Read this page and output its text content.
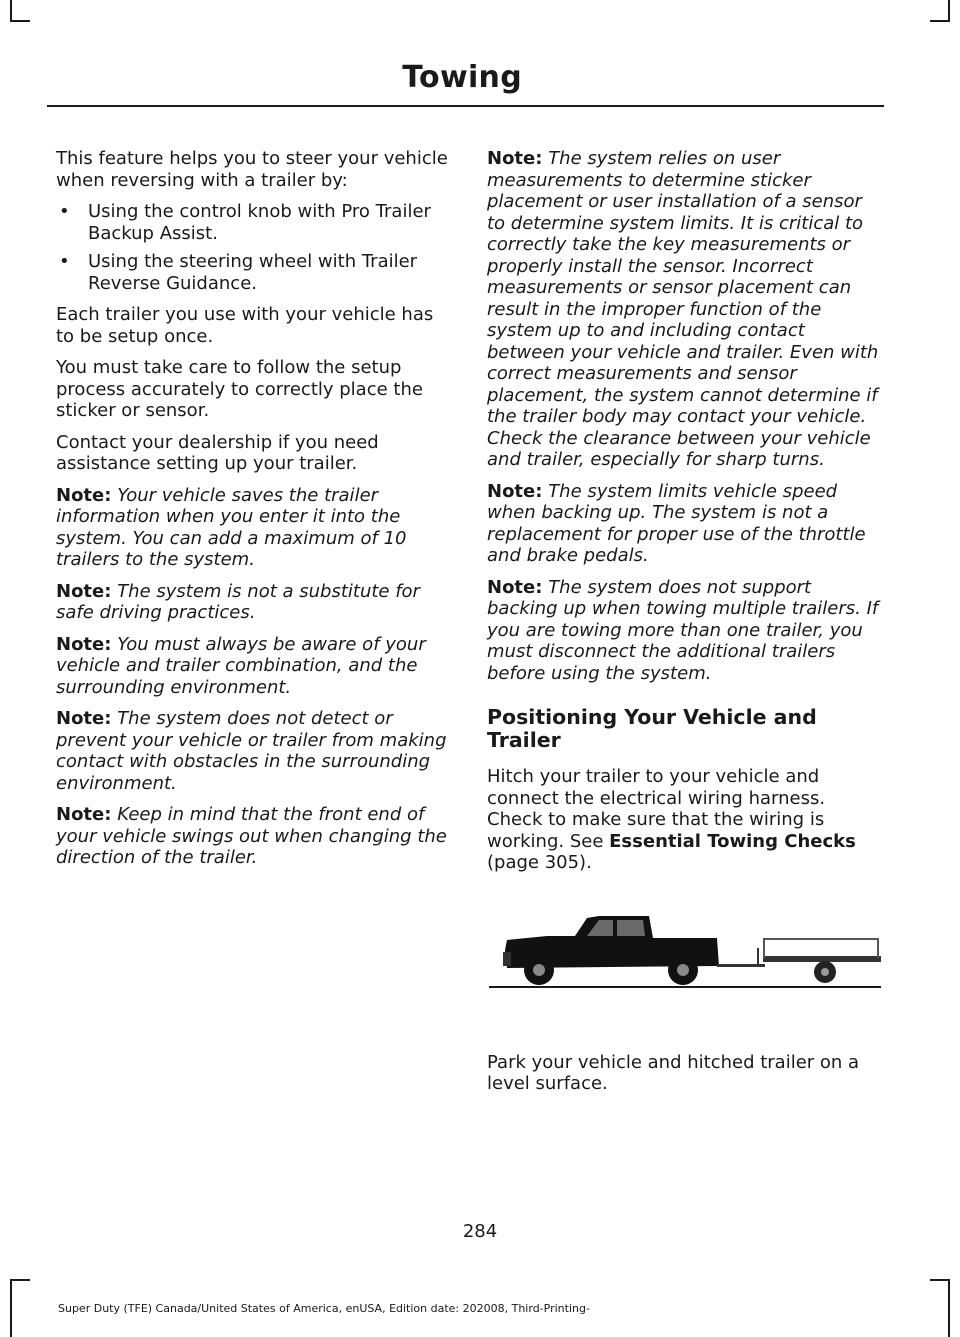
Towing

This feature helps you to steer your vehicle when reversing with a trailer by:

• Using the control knob with Pro Trailer Backup Assist.
• Using the steering wheel with Trailer Reverse Guidance.

Each trailer you use with your vehicle has to be setup once.

You must take care to follow the setup process accurately to correctly place the sticker or sensor.

Contact your dealership if you need assistance setting up your trailer.

Note: Your vehicle saves the trailer information when you enter it into the system. You can add a maximum of 10 trailers to the system.

Note: The system is not a substitute for safe driving practices.

Note: You must always be aware of your vehicle and trailer combination, and the surrounding environment.

Note: The system does not detect or prevent your vehicle or trailer from making contact with obstacles in the surrounding environment.

Note: Keep in mind that the front end of your vehicle swings out when changing the direction of the trailer.

Note: The system relies on user measurements to determine sticker placement or user installation of a sensor to determine system limits. It is critical to correctly take the key measurements or properly install the sensor. Incorrect measurements or sensor placement can result in the improper function of the system up to and including contact between your vehicle and trailer. Even with correct measurements and sensor placement, the system cannot determine if the trailer body may contact your vehicle. Check the clearance between your vehicle and trailer, especially for sharp turns.

Note: The system limits vehicle speed when backing up. The system is not a replacement for proper use of the throttle and brake pedals.

Note: The system does not support backing up when towing multiple trailers. If you are towing more than one trailer, you must disconnect the additional trailers before using the system.

Positioning Your Vehicle and Trailer

Hitch your trailer to your vehicle and connect the electrical wiring harness. Check to make sure that the wiring is working. See Essential Towing Checks (page 305).

Park your vehicle and hitched trailer on a level surface.

284
Super Duty (TFE) Canada/United States of America, enUSA, Edition date: 202008, Third-Printing-
